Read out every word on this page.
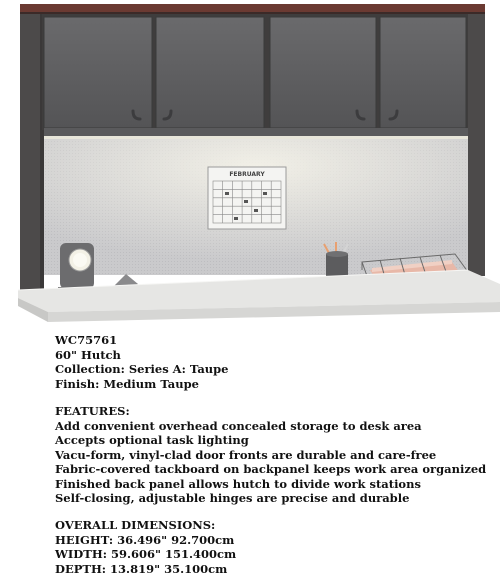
FEBRUARY
WC75761
60" Hutch
Collection: Series A: Taupe
Finish: Medium Taupe
FEATURES:
Add convenient overhead concealed storage to desk area
Accepts optional task lighting
Vacu-form, vinyl-clad door fronts are durable and care-free
Fabric-covered tackboard on backpanel keeps work area organized
Finished back panel allows hutch to divide work stations
Self-closing, adjustable hinges are precise and durable
OVERALL DIMENSIONS:
HEIGHT: 36.496" 92.700cm
WIDTH: 59.606" 151.400cm
DEPTH: 13.819" 35.100cm
